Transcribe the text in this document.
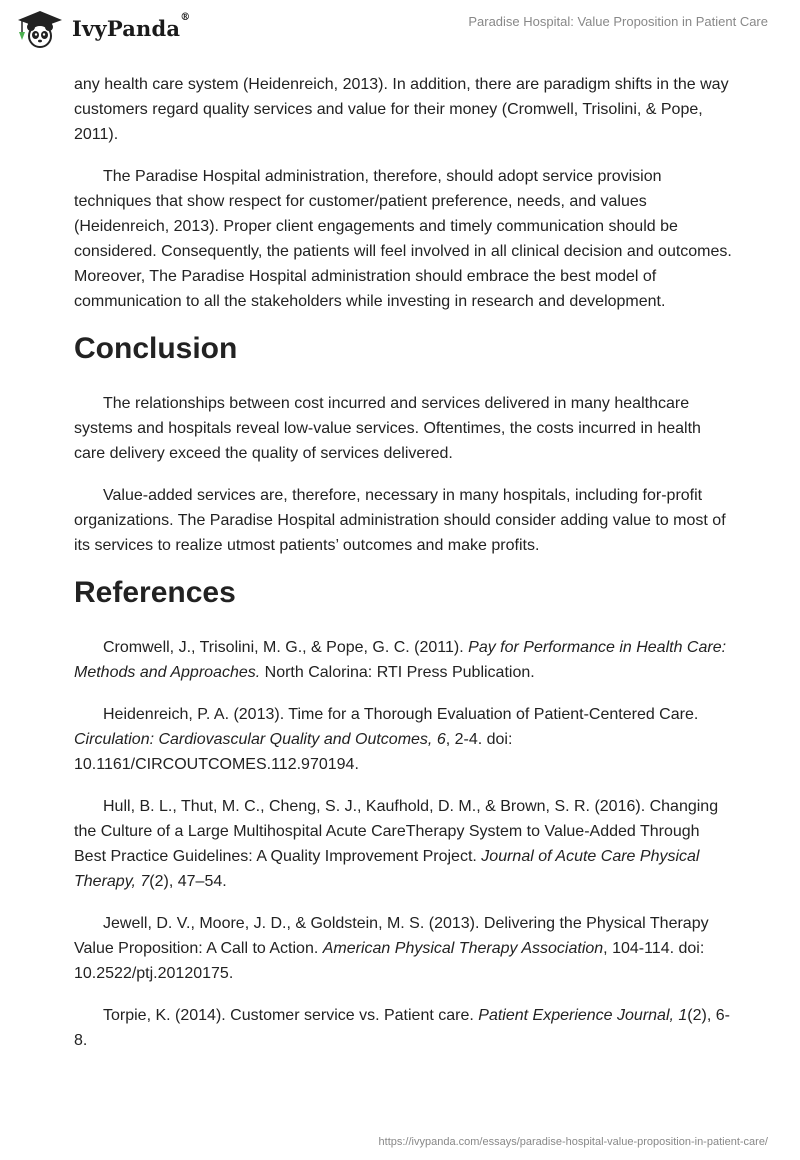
IvyPanda®	Paradise Hospital: Value Proposition in Patient Care

any health care system (Heidenreich, 2013). In addition, there are paradigm shifts in the way customers regard quality services and value for their money (Cromwell, Trisolini, & Pope, 2011).

The Paradise Hospital administration, therefore, should adopt service provision techniques that show respect for customer/patient preference, needs, and values (Heidenreich, 2013). Proper client engagements and timely communication should be considered. Consequently, the patients will feel involved in all clinical decision and outcomes. Moreover, The Paradise Hospital administration should embrace the best model of communication to all the stakeholders while investing in research and development.

Conclusion

The relationships between cost incurred and services delivered in many healthcare systems and hospitals reveal low-value services. Oftentimes, the costs incurred in health care delivery exceed the quality of services delivered.

Value-added services are, therefore, necessary in many hospitals, including for-profit organizations. The Paradise Hospital administration should consider adding value to most of its services to realize utmost patients’ outcomes and make profits.

References

Cromwell, J., Trisolini, M. G., & Pope, G. C. (2011). Pay for Performance in Health Care: Methods and Approaches. North Calorina: RTI Press Publication.

Heidenreich, P. A. (2013). Time for a Thorough Evaluation of Patient-Centered Care. Circulation: Cardiovascular Quality and Outcomes, 6, 2-4. doi: 10.1161/CIRCOUTCOMES.112.970194.

Hull, B. L., Thut, M. C., Cheng, S. J., Kaufhold, D. M., & Brown, S. R. (2016). Changing the Culture of a Large Multihospital Acute CareTherapy System to Value-Added Through Best Practice Guidelines: A Quality Improvement Project. Journal of Acute Care Physical Therapy, 7(2), 47–54.

Jewell, D. V., Moore, J. D., & Goldstein, M. S. (2013). Delivering the Physical Therapy Value Proposition: A Call to Action. American Physical Therapy Association, 104-114. doi: 10.2522/ptj.20120175.

Torpie, K. (2014). Customer service vs. Patient care. Patient Experience Journal, 1(2), 6-8.

https://ivypanda.com/essays/paradise-hospital-value-proposition-in-patient-care/
